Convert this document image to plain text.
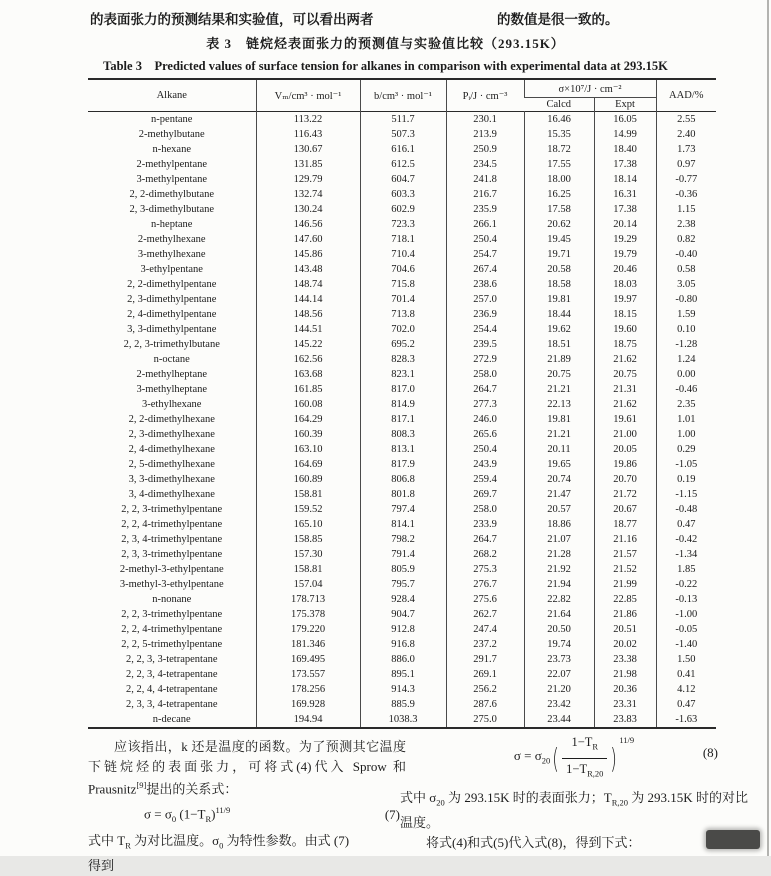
的表面张力的预测结果和实验值，可以看出两者	的数值是很一致的。
表 3　链烷烃表面张力的预测值与实验值比较（293.15K）
Table 3　Predicted values of surface tension for alkanes in comparison with experimental data at 293.15K
Alkane	Vₘ/cm³ · mol⁻¹	b/cm³ · mol⁻¹	Pᵢ/J · cm⁻³	σ×10⁷/J · cm⁻²		AAD/%
				Calcd	Expt	
n-pentane	113.22	511.7	230.1	16.46	16.05	2.55
2-methylbutane	116.43	507.3	213.9	15.35	14.99	2.40
n-hexane	130.67	616.1	250.9	18.72	18.40	1.73
2-methylpentane	131.85	612.5	234.5	17.55	17.38	0.97
3-methylpentane	129.79	604.7	241.8	18.00	18.14	-0.77
2, 2-dimethylbutane	132.74	603.3	216.7	16.25	16.31	-0.36
2, 3-dimethylbutane	130.24	602.9	235.9	17.58	17.38	1.15
n-heptane	146.56	723.3	266.1	20.62	20.14	2.38
2-methylhexane	147.60	718.1	250.4	19.45	19.29	0.82
3-methylhexane	145.86	710.4	254.7	19.71	19.79	-0.40
3-ethylpentane	143.48	704.6	267.4	20.58	20.46	0.58
2, 2-dimethylpentane	148.74	715.8	238.6	18.58	18.03	3.05
2, 3-dimethylpentane	144.14	701.4	257.0	19.81	19.97	-0.80
2, 4-dimethylpentane	148.56	713.8	236.9	18.44	18.15	1.59
3, 3-dimethylpentane	144.51	702.0	254.4	19.62	19.60	0.10
2, 2, 3-trimethylbutane	145.22	695.2	239.5	18.51	18.75	-1.28
n-octane	162.56	828.3	272.9	21.89	21.62	1.24
2-methylheptane	163.68	823.1	258.0	20.75	20.75	0.00
3-methylheptane	161.85	817.0	264.7	21.21	21.31	-0.46
3-ethylhexane	160.08	814.9	277.3	22.13	21.62	2.35
2, 2-dimethylhexane	164.29	817.1	246.0	19.81	19.61	1.01
2, 3-dimethylhexane	160.39	808.3	265.6	21.21	21.00	1.00
2, 4-dimethylhexane	163.10	813.1	250.4	20.11	20.05	0.29
2, 5-dimethylhexane	164.69	817.9	243.9	19.65	19.86	-1.05
3, 3-dimethylhexane	160.89	806.8	259.4	20.74	20.70	0.19
3, 4-dimethylhexane	158.81	801.8	269.7	21.47	21.72	-1.15
2, 2, 3-trimethylpentane	159.52	797.4	258.0	20.57	20.67	-0.48
2, 2, 4-trimethylpentane	165.10	814.1	233.9	18.86	18.77	0.47
2, 3, 4-trimethylpentane	158.85	798.2	264.7	21.07	21.16	-0.42
2, 3, 3-trimethylpentane	157.30	791.4	268.2	21.28	21.57	-1.34
2-methyl-3-ethylpentane	158.81	805.9	275.3	21.92	21.52	1.85
3-methyl-3-ethylpentane	157.04	795.7	276.7	21.94	21.99	-0.22
n-nonane	178.713	928.4	275.6	22.82	22.85	-0.13
2, 2, 3-trimethylpentane	175.378	904.7	262.7	21.64	21.86	-1.00
2, 2, 4-trimethylpentane	179.220	912.8	247.4	20.50	20.51	-0.05
2, 2, 5-trimethylpentane	181.346	916.8	237.2	19.74	20.02	-1.40
2, 2, 3, 3-tetrapentane	169.495	886.0	291.7	23.73	23.38	1.50
2, 2, 3, 4-tetrapentane	173.557	895.1	269.1	22.07	21.98	0.41
2, 2, 4, 4-tetrapentane	178.256	914.3	256.2	21.20	20.36	4.12
2, 3, 3, 4-tetrapentane	169.928	885.9	287.6	23.42	23.31	0.47
n-decane	194.94	1038.3	275.0	23.44	23.83	-1.63

应该指出，k 还是温度的函数。为了预测其它温度下链烷烃的表面张力，可将式(4)代入 Sprow 和 Prausnitz[9]提出的关系式：

$\sigma = \sigma_0$ $(1-T_R)^{11/9}$	(7)

式中 $T_R$ 为对比温度。$\sigma_0$ 为特性参数。由式 (7)

得到

$\sigma = \sigma_{20}$ ( $\frac{1-T_R}{1-T_{R,20}}$ )
11/9
(8)

式中 $\sigma_{20}$ 为 293.15K 时的表面张力；$T_{R,20}$ 为 293.15K 时的对比温度。

将式(4)和式(5)代入式(8)，得到下式：
